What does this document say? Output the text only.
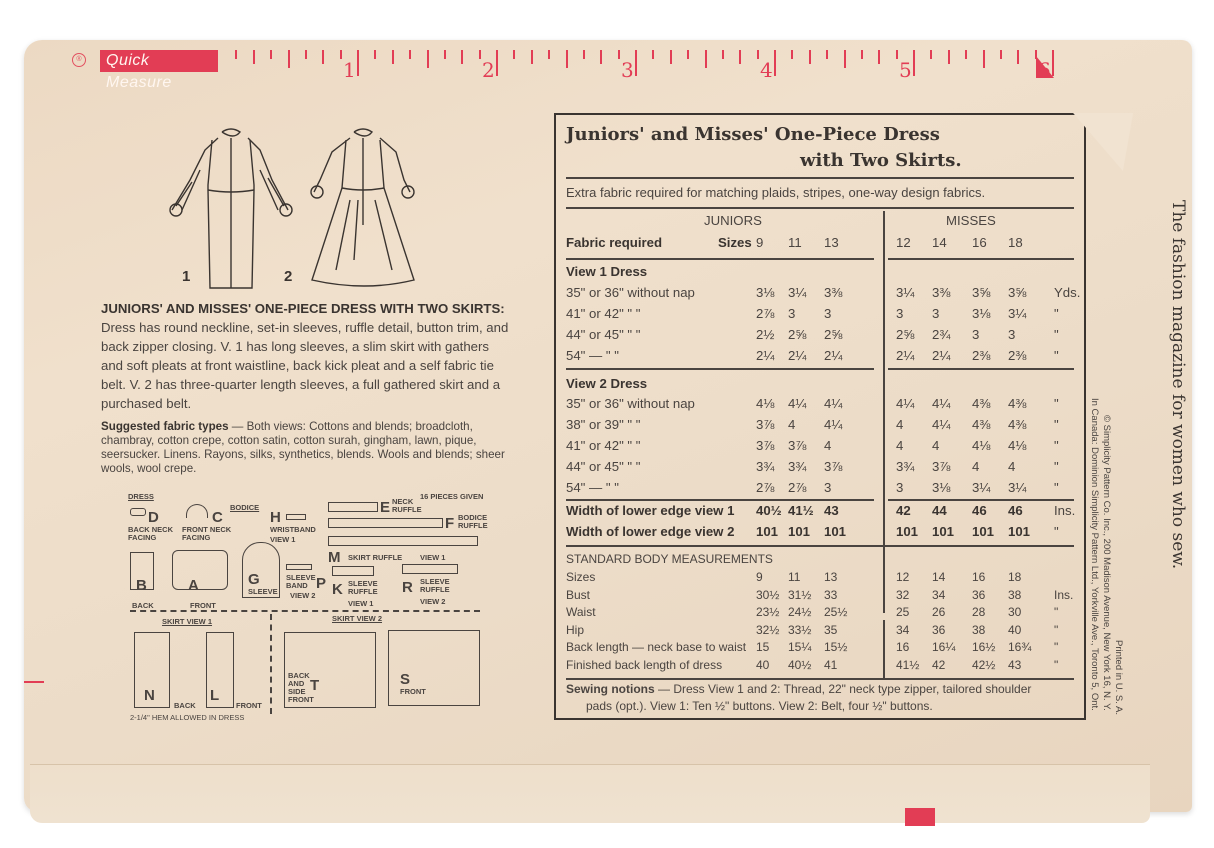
®	Quick Measure
1	2	3	4	5	6
1	2
JUNIORS' AND MISSES' ONE-PIECE DRESS WITH TWO SKIRTS: Dress has round neckline, set-in sleeves, ruffle detail, button trim, and back zipper closing. V. 1 has long sleeves, a slim skirt with gathers and soft pleats at front waistline, back kick pleat and a self fabric tie belt. V. 2 has three-quarter length sleeves, a full gathered skirt and a purchased belt.
Suggested fabric types — Both views: Cottons and blends; broadcloth, chambray, cotton crepe, cotton satin, cotton surah, gingham, lawn, pique, seersucker. Linens. Rayons, silks, synthetics, blends. Wools and blends; sheer wools, wool crepe.
DRESS
BODICE
16 PIECES GIVEN
D
BACK NECK FACING
C
FRONT NECK FACING
H
WRISTBAND
VIEW 1
E NECK RUFFLE
F BODICE RUFFLE
M SKIRT RUFFLE VIEW 1
B
BACK
A
FRONT
G
SLEEVE
SLEEVE BAND P
VIEW 2 K SLEEVE RUFFLE
VIEW 1
R SLEEVE RUFFLE
VIEW 2
SKIRT VIEW 1	SKIRT VIEW 2
N
BACK
L
FRONT
BACK AND SIDE FRONT
T	S
FRONT
2-1/4" HEM ALLOWED IN DRESS
Juniors' and Misses' One-Piece Dress
with Two Skirts.
Extra fabric required for matching plaids, stripes, one-way design fabrics.
JUNIORS	MISSES
Fabric required	Sizes
View 1 Dress
View 2 Dress
STANDARD BODY MEASUREMENTS
Sewing notions — Dress View 1 and 2: Thread, 22" neck type zipper, tailored shoulder
pads (opt.). View 1: Ten ½" buttons. View 2: Belt, four ½" buttons.
9 11 13	12 14 16 18
35" or 36" without nap	3⅛ 3¼ 3⅜	3¼ 3⅜ 3⅝ 3⅝ Yds.
41" or 42" " "	2⅞ 3 3	3 3 3⅛ 3¼ "
44" or 45" " "	2½ 2⅝ 2⅝	2⅝ 2¾ 3 3	"
54" — " "	2¼ 2¼ 2¼	2¼ 2¼ 2⅜ 2⅜ "
35" or 36" without nap	4⅛ 4¼ 4¼	4¼ 4¼ 4⅜ 4⅜ "
38" or 39" " "	3⅞ 4 4¼	4 4¼ 4⅜ 4⅜ "
41" or 42" " "	3⅞ 3⅞ 4	4 4 4⅛ 4⅛ "
44" or 45" " "	3¾ 3¾ 3⅞	3¾ 3⅞ 4 4	"
54" — " "	2⅞ 2⅞ 3	3 3⅛ 3¼ 3¼ "
Width of lower edge view 1 40½ 41½ 43	42 44 46 46 Ins.
Width of lower edge view 2 101 101 101	101 101 101 101 "
Sizes	9 11 13	12 14 16 18
Bust	30½ 31½ 33	32 34 36 38	Ins.
Waist	23½ 24½ 25½	25 26 28 30	"
Hip	32½ 33½ 35	34 36 38 40	"
Back length — neck base to waist 15 15¼ 15½	16 16¼ 16½ 16¾ "
Finished back length of dress	40 40½ 41	41½ 42 42½ 43	"
The fashion magazine for women who sew.
© Simplicity Pattern Co. Inc., 200 Madison Avenue, New York 16, N. Y.
In Canada: Dominion Simplicity Pattern Ltd., Yorkville Ave., Toronto 5, Ont. Printed in U. S. A.
